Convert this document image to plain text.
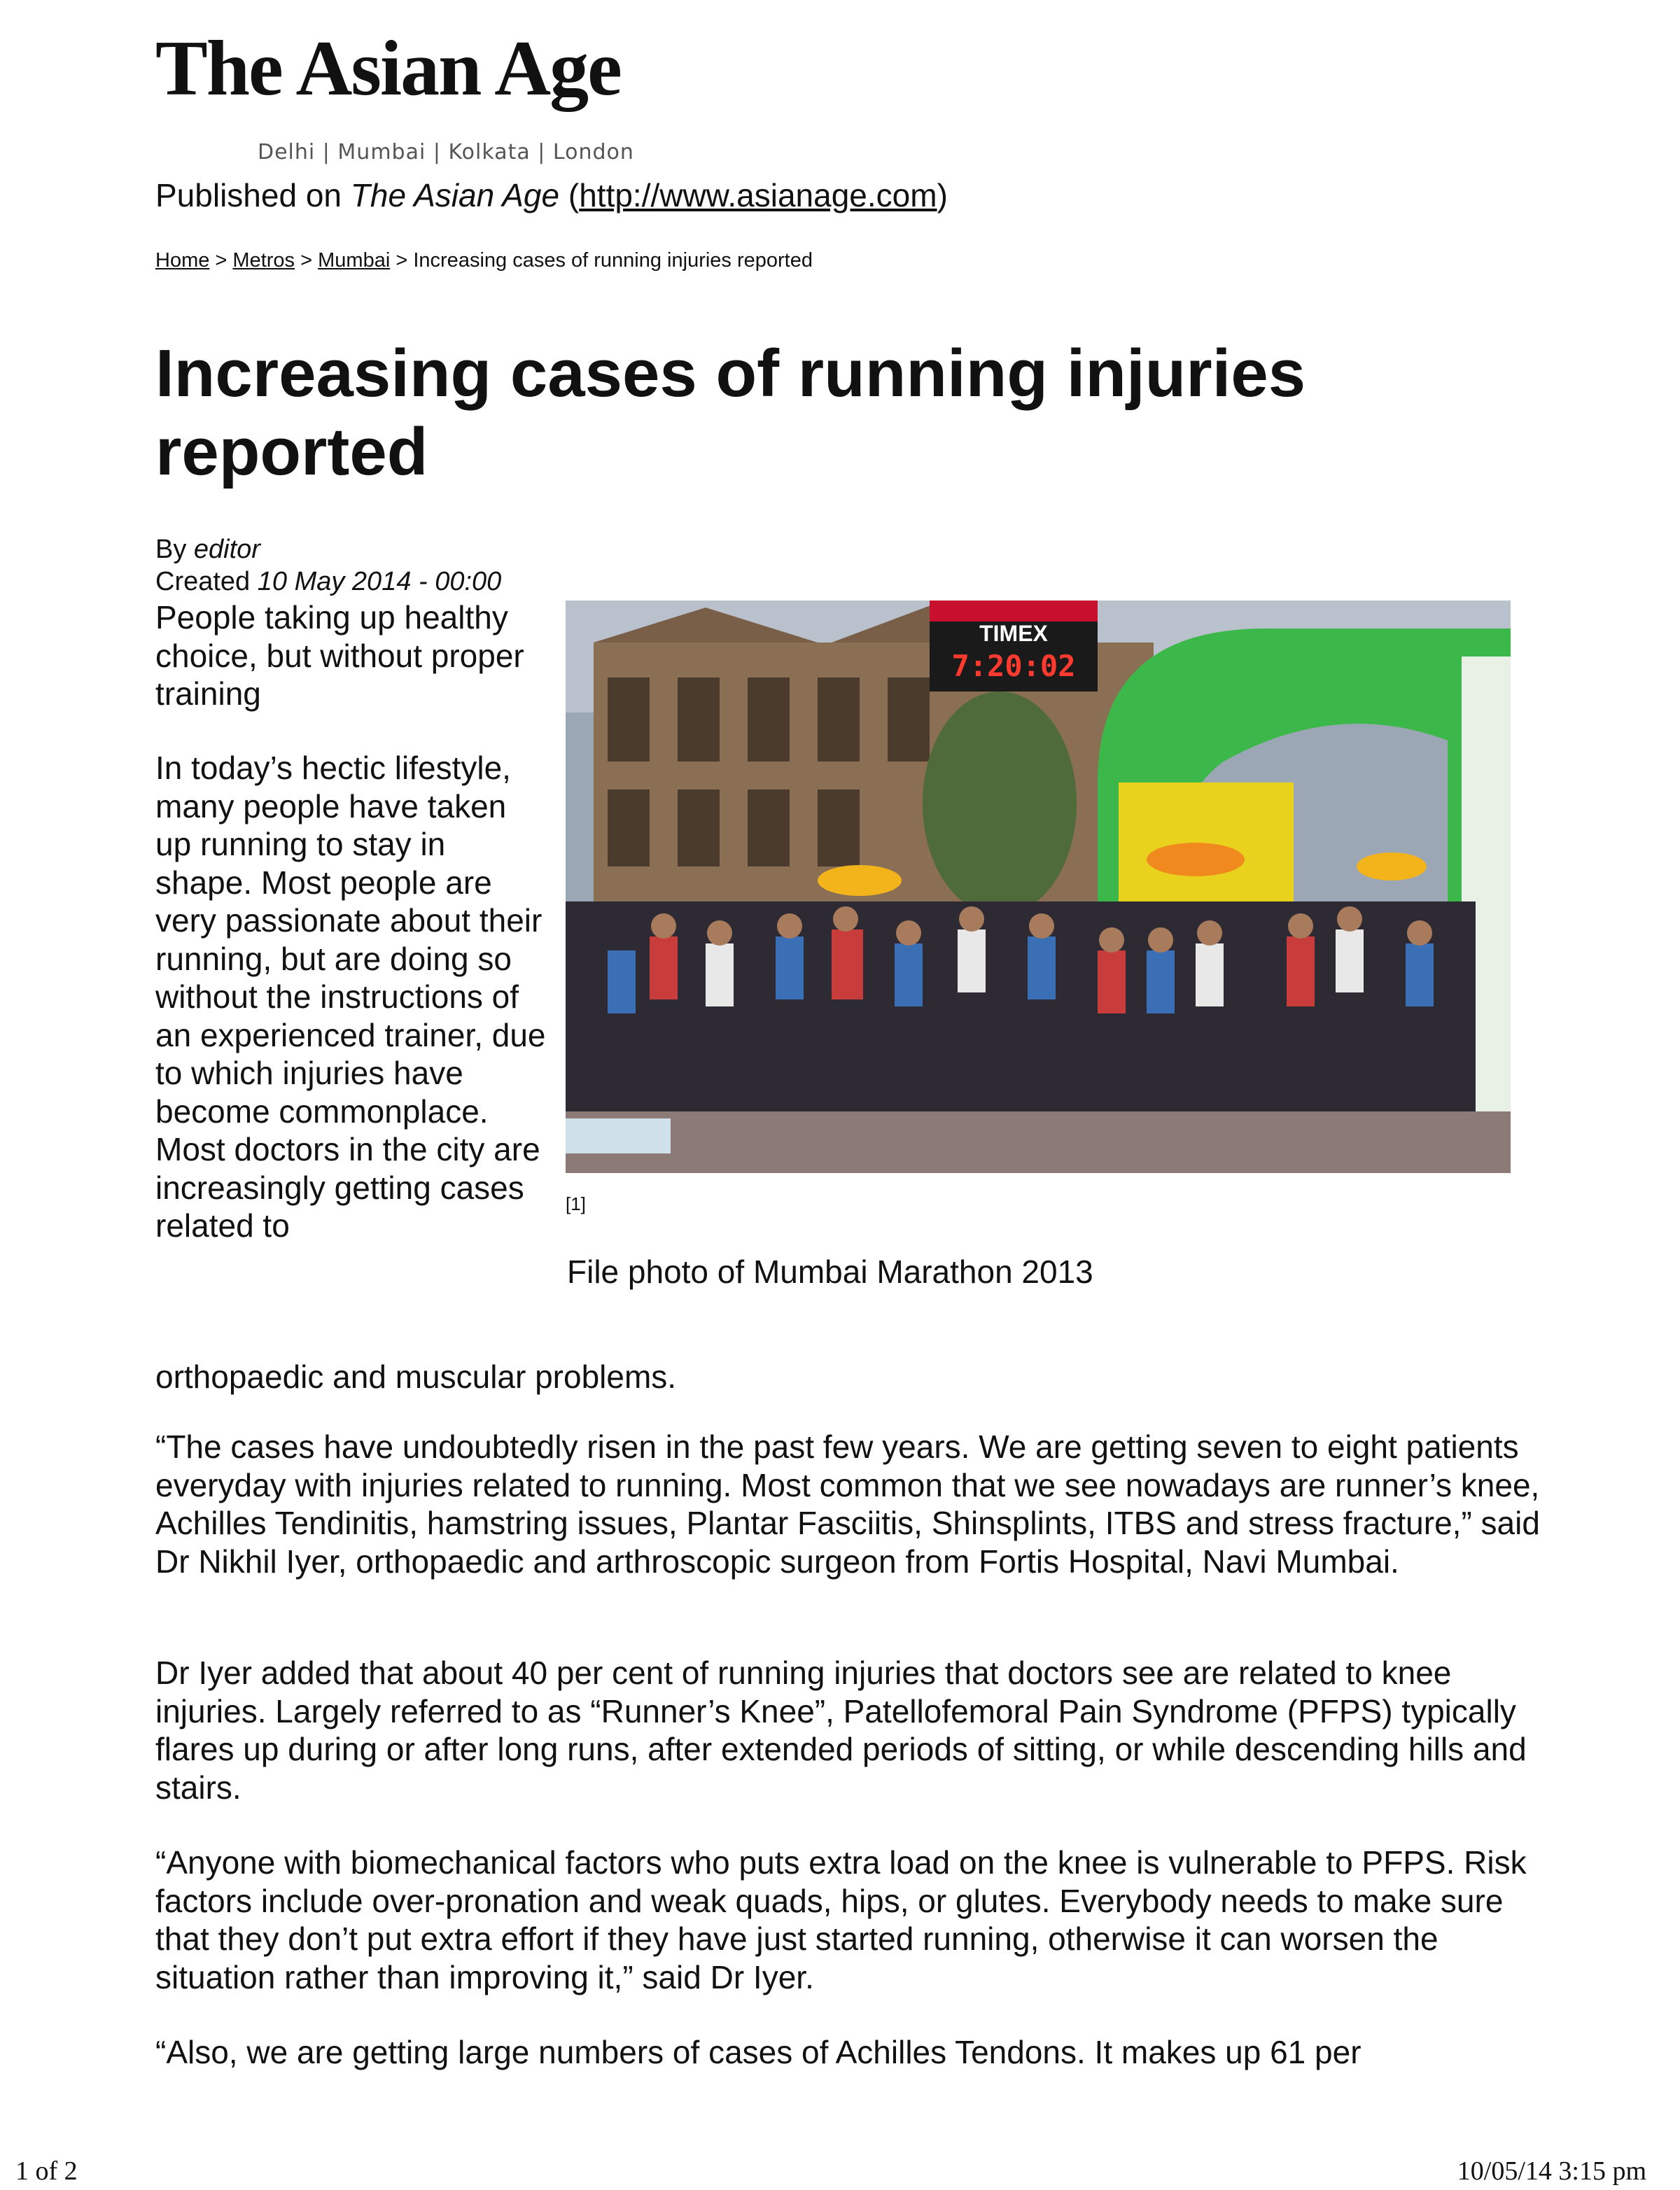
The Asian Age
Delhi | Mumbai | Kolkata | London
Published on The Asian Age (http://www.asianage.com)
Home > Metros > Mumbai > Increasing cases of running injuries reported
Increasing cases of running injuries reported
By editor
Created 10 May 2014 - 00:00
People taking up healthy choice, but without proper training
In today’s hectic lifestyle, many people have taken up running to stay in shape. Most people are very passionate about their running, but are doing so without the instructions of an experienced trainer, due to which injuries have become commonplace. Most doctors in the city are increasingly getting cases related to
orthopaedic and muscular problems.
TIMEX
7:20:02
[1]
File photo of Mumbai Marathon 2013

“The cases have undoubtedly risen in the past few years. We are getting seven to eight patients everyday with injuries related to running. Most common that we see nowadays are runner’s knee, Achilles Tendinitis, hamstring issues, Plantar Fasciitis, Shinsplints, ITBS and stress fracture,” said Dr Nikhil Iyer, orthopaedic and arthroscopic surgeon from Fortis Hospital, Navi Mumbai.

Dr Iyer added that about 40 per cent of running injuries that doctors see are related to knee injuries. Largely referred to as “Runner’s Knee”, Patellofemoral Pain Syndrome (PFPS) typically flares up during or after long runs, after extended periods of sitting, or while descending hills and stairs.

“Anyone with biomechanical factors who puts extra load on the knee is vulnerable to PFPS. Risk factors include over-pronation and weak quads, hips, or glutes. Everybody needs to make sure that they don’t put extra effort if they have just started running, otherwise it can worsen the situation rather than improving it,” said Dr Iyer.

“Also, we are getting large numbers of cases of Achilles Tendons. It makes up 61 per

1 of 2	10/05/14 3:15 pm
